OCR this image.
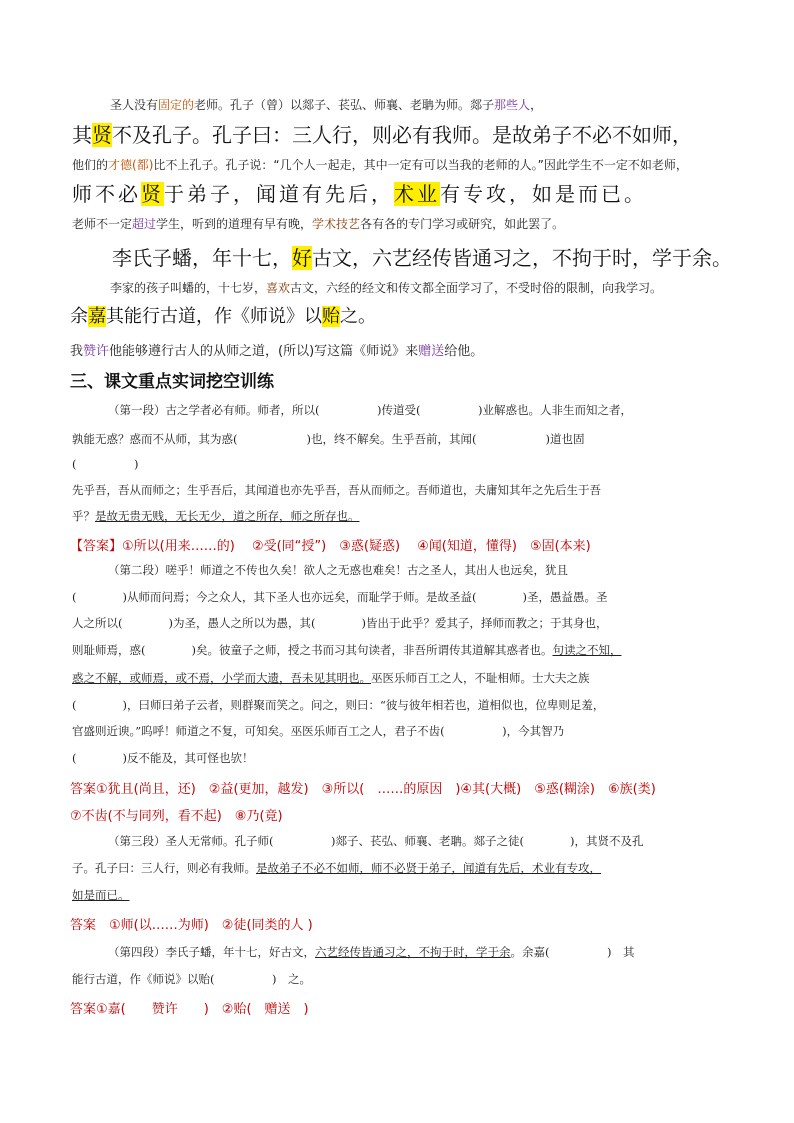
圣人没有固定的老师。孔子（曾）以郯子、苌弘、师襄、老聃为师。郯子那些人，
其贤不及孔子。孔子曰：三人行，则必有我师。是故弟子不必不如师，
他们的才德(都)比不上孔子。孔子说：“几个人一起走，其中一定有可以当我的老师的人。”因此学生不一定不如老师，
师不必贤于弟子，闻道有先后，术业有专攻，如是而已。
老师不一定超过学生，听到的道理有早有晚，学术技艺各有各的专门学习或研究，如此罢了。
李氏子蟠，年十七，好古文，六艺经传皆通习之，不拘于时，学于余。
李家的孩子叫蟠的，十七岁，喜欢古文，六经的经文和传文都全面学习了，不受时俗的限制，向我学习。
余嘉其能行古道，作《师说》以贻之。
我赞许他能够遵行古人的从师之道，(所以)写这篇《师说》来赠送给他。
三、课文重点实词挖空训练
（第一段）古之学者必有师。师者，所以(　　　　　)传道受(　　　　　)业解惑也。人非生而知之者，
孰能无惑？惑而不从师，其为惑(　　　　　　)也，终不解矣。生乎吾前，其闻(　　　　　　)道也固
(　　　　　)
先乎吾，吾从而师之；生乎吾后，其闻道也亦先乎吾，吾从而师之。吾师道也，夫庸知其年之先后生于吾
乎？是故无贵无贱，无长无少，道之所存，师之所存也。
【答案】①所以(用来……的)　 ②受(同“授”)　③惑(疑惑)　 ④闻(知道，懂得)　⑤固(本来)
（第二段）嗟乎！师道之不传也久矣！欲人之无惑也难矣！古之圣人，其出人也远矣，犹且
(　　　　)从师而问焉；今之众人，其下圣人也亦远矣，而耻学于师。是故圣益(　　　　)圣，愚益愚。圣
人之所以(　　　　)为圣，愚人之所以为愚，其(　　　　)皆出于此乎？爱其子，择师而教之；于其身也，
则耻师焉，惑(　　　　)矣。彼童子之师，授之书而习其句读者，非吾所谓传其道解其惑者也。句读之不知，
惑之不解，或师焉，或不焉，小学而大遗，吾未见其明也。巫医乐师百工之人，不耻相师。士大夫之族
(　　　　)，曰师曰弟子云者，则群聚而笑之。问之，则曰：“彼与彼年相若也，道相似也，位卑则足羞，
官盛则近谀。”呜呼！师道之不复，可知矣。巫医乐师百工之人，君子不齿(　　　　　)，今其智乃
(　　　　)反不能及，其可怪也欤！
答案①犹且(尚且，还)　②益(更加，越发)　③所以(　……的原因　)④其(大概)　⑤惑(糊涂)　⑥族(类)
⑦不齿(不与同列，看不起)　⑧乃(竟)
（第三段）圣人无常师。孔子师(　　　　　)郯子、苌弘、师襄、老聃。郯子之徒(　　　　)，其贤不及孔
子。孔子曰：三人行，则必有我师。是故弟子不必不如师，师不必贤于弟子，闻道有先后，术业有专攻，
如是而已。
答案　①师(以……为师)　②徒(同类的人 )
（第四段）李氏子蟠，年十七，好古文，六艺经传皆通习之，不拘于时，学于余。余嘉(　　　　　)　其
能行古道，作《师说》以贻(　　　　　)　之。
答案①嘉(　　赞许　　)　②贻(　赠送　)
